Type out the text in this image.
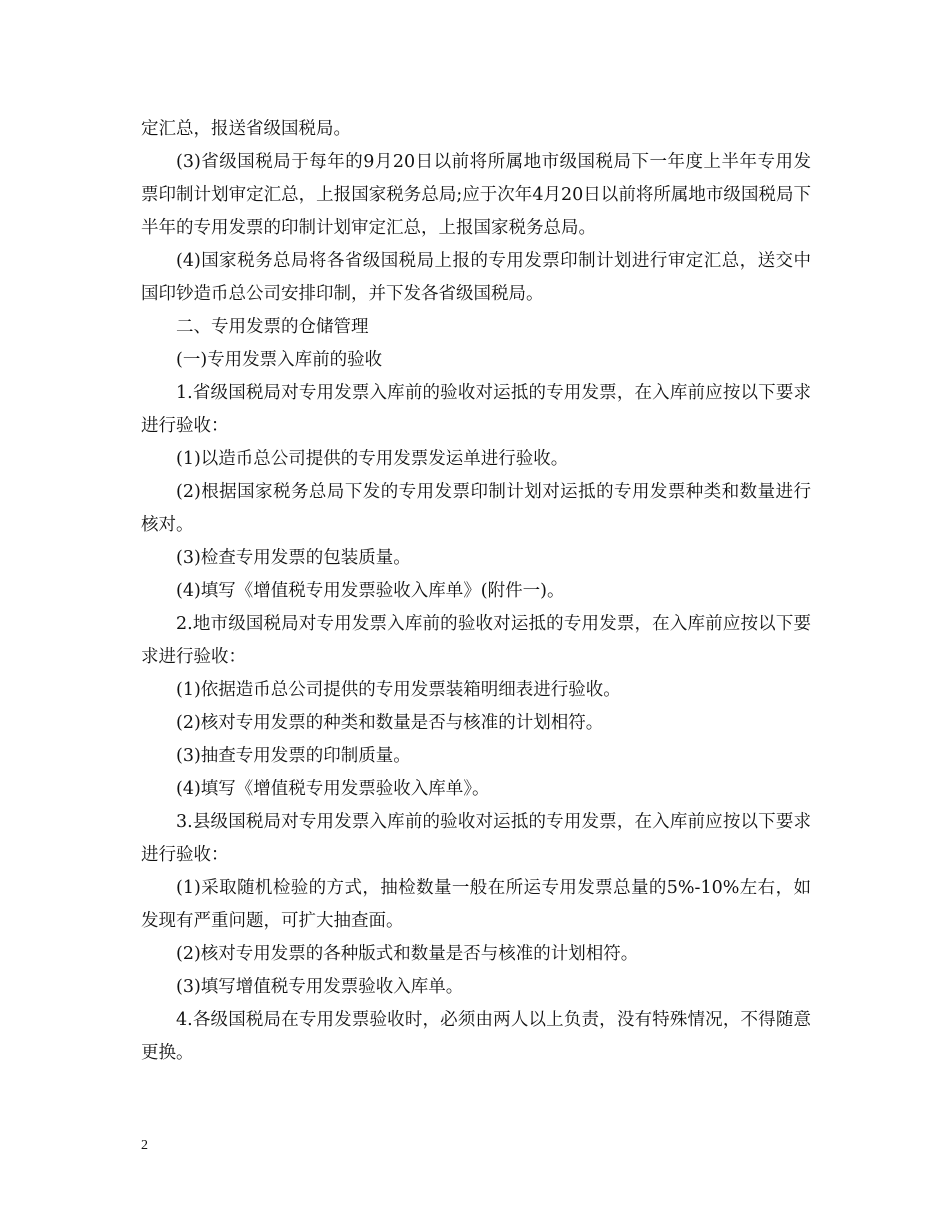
定汇总，报送省级国税局。

(3)省级国税局于每年的9月20日以前将所属地市级国税局下一年度上半年专用发票印制计划审定汇总，上报国家税务总局;应于次年4月20日以前将所属地市级国税局下半年的专用发票的印制计划审定汇总，上报国家税务总局。

(4)国家税务总局将各省级国税局上报的专用发票印制计划进行审定汇总，送交中国印钞造币总公司安排印制，并下发各省级国税局。

二、专用发票的仓储管理

(一)专用发票入库前的验收

1.省级国税局对专用发票入库前的验收对运抵的专用发票，在入库前应按以下要求进行验收：

(1)以造币总公司提供的专用发票发运单进行验收。

(2)根据国家税务总局下发的专用发票印制计划对运抵的专用发票种类和数量进行核对。

(3)检查专用发票的包装质量。

(4)填写《增值税专用发票验收入库单》(附件一)。

2.地市级国税局对专用发票入库前的验收对运抵的专用发票，在入库前应按以下要求进行验收：

(1)依据造币总公司提供的专用发票装箱明细表进行验收。

(2)核对专用发票的种类和数量是否与核准的计划相符。

(3)抽查专用发票的印制质量。

(4)填写《增值税专用发票验收入库单》。

3.县级国税局对专用发票入库前的验收对运抵的专用发票，在入库前应按以下要求进行验收：

(1)采取随机检验的方式，抽检数量一般在所运专用发票总量的5%-10%左右，如发现有严重问题，可扩大抽查面。

(2)核对专用发票的各种版式和数量是否与核准的计划相符。

(3)填写增值税专用发票验收入库单。

4.各级国税局在专用发票验收时，必须由两人以上负责，没有特殊情况，不得随意更换。

2
